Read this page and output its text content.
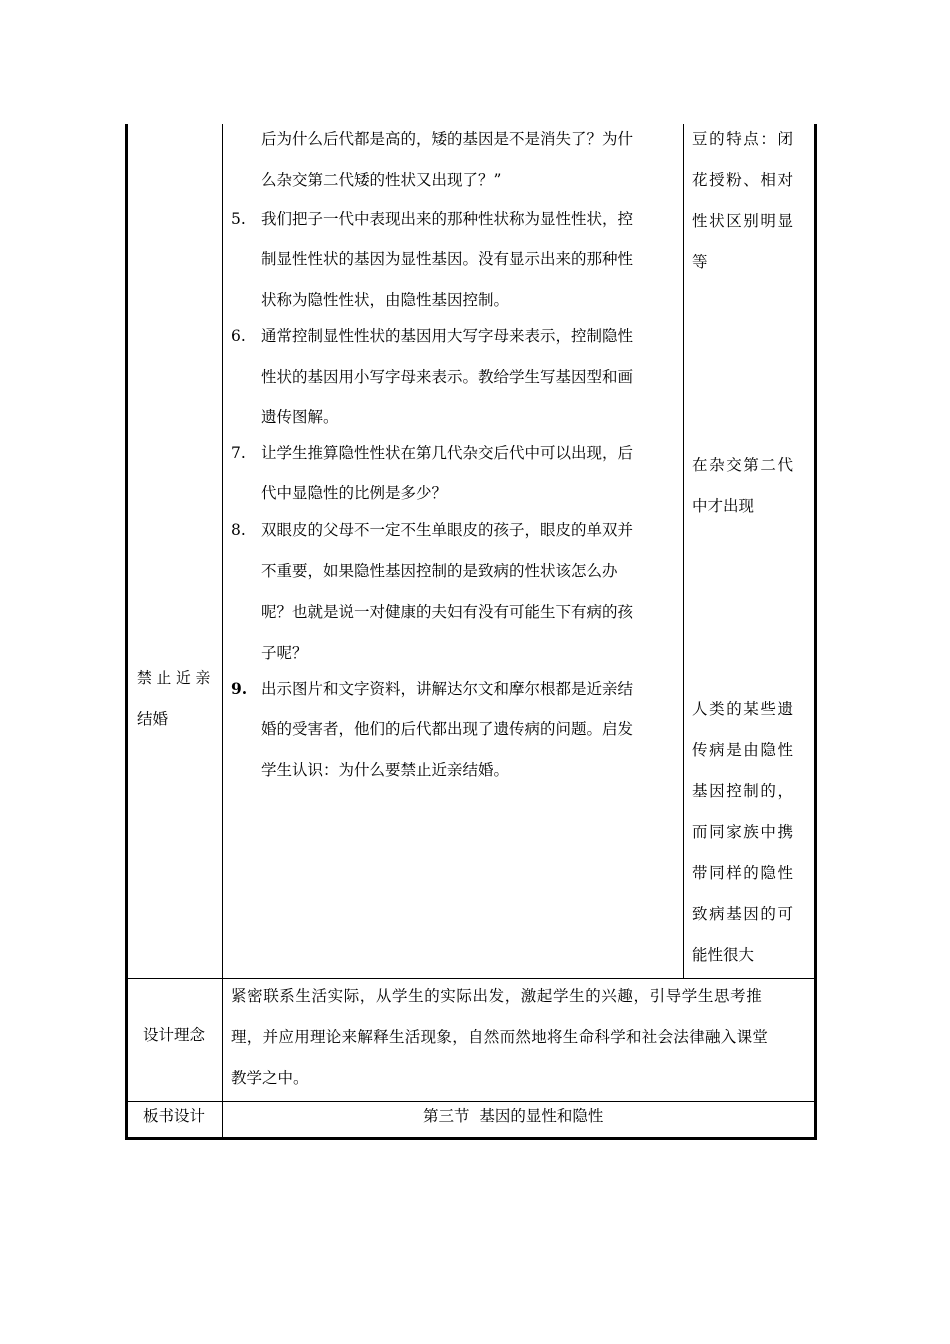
禁止近亲
结婚
后为什么后代都是高的，矮的基因是不是消失了？为什
么杂交第二代矮的性状又出现了？”
5. 我们把子一代中表现出来的那种性状称为显性性状，控
制显性性状的基因为显性基因。没有显示出来的那种性
状称为隐性性状，由隐性基因控制。
6. 通常控制显性性状的基因用大写字母来表示，控制隐性
性状的基因用小写字母来表示。教给学生写基因型和画
遗传图解。
7. 让学生推算隐性性状在第几代杂交后代中可以出现，后
代中显隐性的比例是多少？
8. 双眼皮的父母不一定不生单眼皮的孩子，眼皮的单双并
不重要，如果隐性基因控制的是致病的性状该怎么办
呢？也就是说一对健康的夫妇有没有可能生下有病的孩
子呢？
9. 出示图片和文字资料，讲解达尔文和摩尔根都是近亲结
婚的受害者，他们的后代都出现了遗传病的问题。启发
学生认识：为什么要禁止近亲结婚。
豆的特点：闭
花授粉、相对
性状区别明显
等
在杂交第二代
中才出现
人类的某些遗
传病是由隐性
基因控制的，
而同家族中携
带同样的隐性
致病基因的可
能性很大
设计理念
紧密联系生活实际，从学生的实际出发，激起学生的兴趣，引导学生思考推
理，并应用理论来解释生活现象，自然而然地将生命科学和社会法律融入课堂
教学之中。
板书设计	第三节  基因的显性和隐性
